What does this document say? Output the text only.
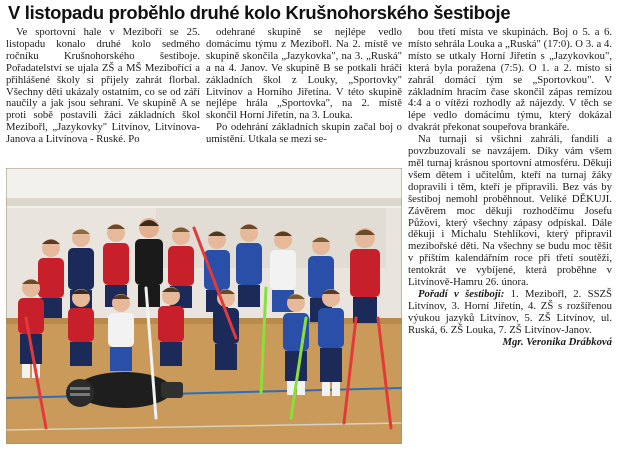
V listopadu proběhlo druhé kolo Krušnohorského šestiboje

Ve sportovní hale v Meziboří se 25. listopadu konalo druhé kolo sedmého ročníku Krušnohorského šestiboje. Pořadatelství se ujala ZŠ a MŠ Mezibořící a přihlášené školy si přijely zahrát florbal. Všechny děti ukázaly ostatním, co se od září naučily a jak jsou sehraní. Ve skupině A se proti sobě postavili žáci základních škol Mezibořl, „Jazykovky" Litvínov, Litvínova-Janova a Litvínova - Ruské. Po

odehrané skupině se nejlépe vedlo domácímu týmu z Mezibořl. Na 2. místě ve skupině skončila „Jazykovka", na 3. „Ruská" a na 4. Janov. Ve skupině B se potkali hráči základních škol z Louky, „Sportovky" Litvínov a Horního Jiřetína. V této skupině nejlépe hrála „Sportovka", na 2. místě skončil Horní Jiřetín, na 3. Louka.

Po odehrání základních skupin začal boj o umístění. Utkala se mezi se-

bou třetí místa ve skupinách. Boj o 5. a 6. místo sehrála Louka a „Ruská" (17:0). O 3. a 4. místo se utkaly Horní Jiřetín s „Jazykovkou", která byla poražena (7:5). O 1. a 2. místo si zahrál domácí tým se „Sportovkou". V základním hracím čase skončil zápas remízou 4:4 a o vítězi rozhodly až nájezdy. V těch se lépe vedlo domácímu týmu, který dokázal dvakrát překonat soupeřova brankáře.

Na turnaji si všichni zahráli, fandili a povzbuzovali se navzájem. Díky vám všem měl turnaj krásnou sportovní atmosféru. Děkuji všem dětem i učitelům, kteří na turnaj žáky dopravili i těm, kteří je připravili. Bez vás by šestiboj nemohl proběhnout. Veliké DĚKUJI. Závěrem moc děkuji rozhodčímu Josefu Půžovi, který všechny zápasy odpískal. Dále děkuji i Michalu Stehlíkovi, který připravil mezibořské děti. Na všechny se budu moc těšit v příštím kalendářním roce při třetí soutěži, tentokrát ve vybíjené, která proběhne v Litvínově-Hamru 26. února.

Pořadí v šestiboji: 1. Mezibořl, 2. SSZŠ Litvínov, 3. Horní Jiřetín, 4. ZŠ s rozšířenou výukou jazyků Litvínov, 5. ZŠ Litvínov, ul. Ruská, 6. ZŠ Louka, 7. ZŠ Litvínov-Janov.
Mgr. Veronika Drábková
